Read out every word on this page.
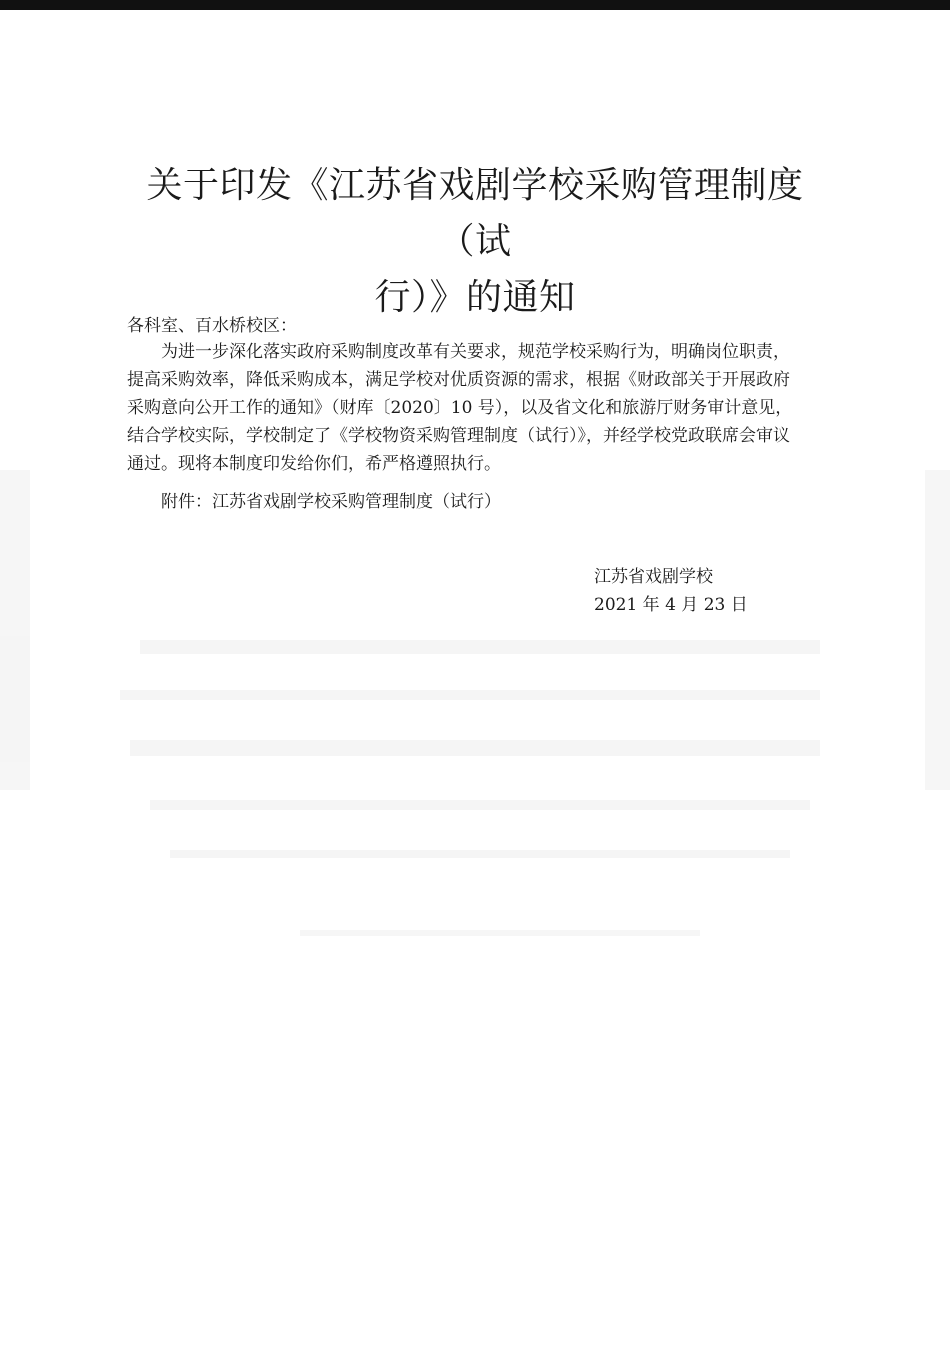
关于印发《江苏省戏剧学校采购管理制度（试
行）》的通知

各科室、百水桥校区：

为进一步深化落实政府采购制度改革有关要求，规范学校采购行为，明确岗位职责，
提高采购效率，降低采购成本，满足学校对优质资源的需求，根据《财政部关于开展政府
采购意向公开工作的通知》（财库〔2020〕10 号），以及省文化和旅游厅财务审计意见，
结合学校实际，学校制定了《学校物资采购管理制度（试行）》，并经学校党政联席会审议
通过。现将本制度印发给你们，希严格遵照执行。

附件：江苏省戏剧学校采购管理制度（试行）

江苏省戏剧学校
2021 年 4 月 23 日
